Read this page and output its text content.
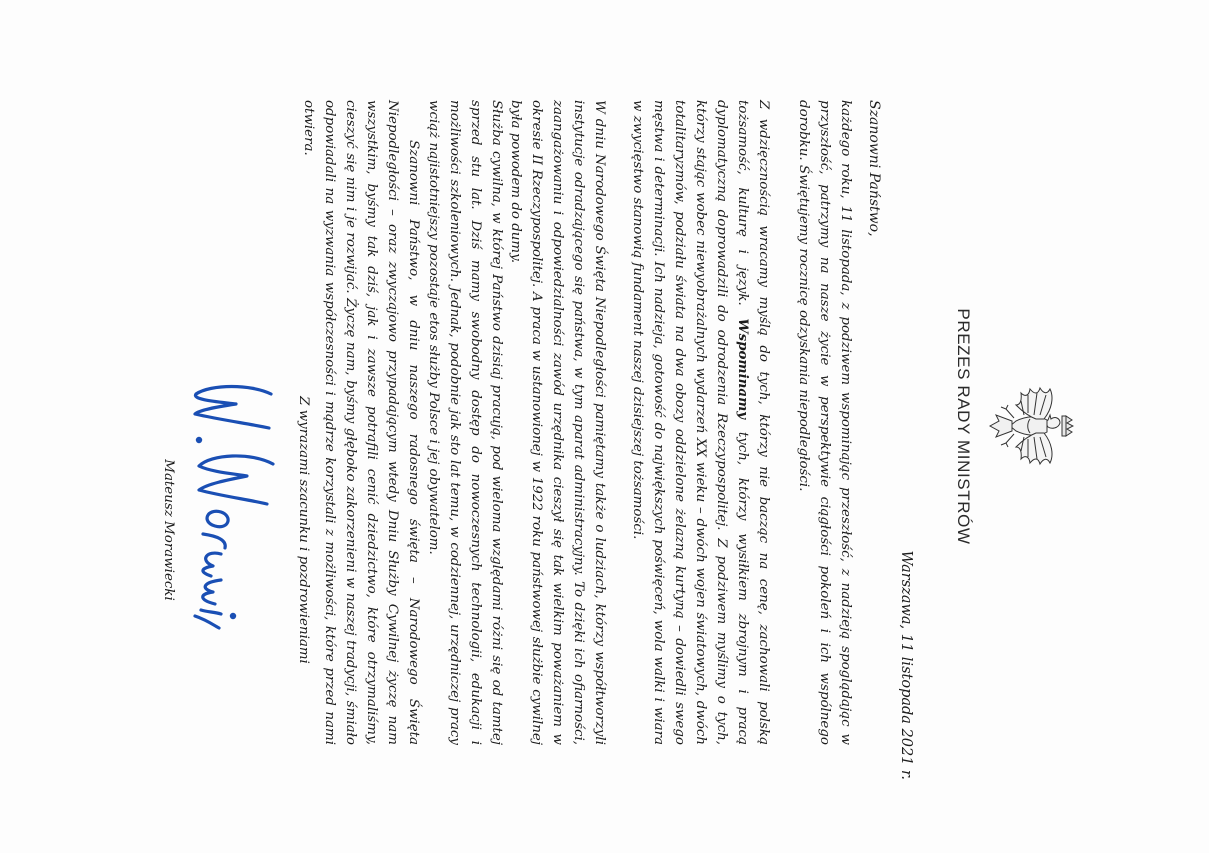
PREZES RADY MINISTRÓW
Warszawa, 11 listopada 2021 r.
Szanowni Państwo,

każdego roku, 11 listopada, z podziwem wspominając przeszłość, z nadzieją spoglądając w przyszłość, patrzymy na nasze życie w perspektywie ciągłości pokoleń i ich wspólnego dorobku. Świętujemy rocznicę odzyskania niepodległości.

Z wdzięcznością wracamy myślą do tych, którzy nie bacząc na cenę, zachowali polską tożsamość, kulturę i język. Wspominamy tych, którzy wysiłkiem zbrojnym i pracą dyplomatyczną doprowadzili do odrodzenia Rzeczypospolitej. Z podziwem myślimy o tych, którzy stając wobec niewyobrażalnych wydarzeń XX wieku – dwóch wojen światowych, dwóch totalitaryzmów, podziału świata na dwa obozy oddzielone żelazną kurtyną – dowiedli swego męstwa i determinacji. Ich nadzieja, gotowość do największych poświęceń, wola walki i wiara w zwycięstwo stanowią fundament naszej dzisiejszej tożsamości.

W dniu Narodowego Święta Niepodległości pamiętamy także o ludziach, którzy współtworzyli instytucje odradzającego się państwa, w tym aparat administracyjny. To dzięki ich ofiarności, zaangażowaniu i odpowiedzialności zawód urzędnika cieszył się tak wielkim poważaniem w okresie II Rzeczypospolitej. A praca w ustanowionej w 1922 roku państwowej służbie cywilnej była powodem do dumy.

Służba cywilna, w której Państwo dzisiaj pracują, pod wieloma względami różni się od tamtej sprzed stu lat. Dziś mamy swobodny dostęp do nowoczesnych technologii, edukacji i możliwości szkoleniowych. Jednak, podobnie jak sto lat temu, w codziennej, urzędniczej pracy wciąż najistotniejszy pozostaje etos służby Polsce i jej obywatelom.

Szanowni Państwo, w dniu naszego radosnego święta – Narodowego Święta Niepodległości – oraz zwyczajowo przypadającym wtedy Dniu Służby Cywilnej życzę nam wszystkim, byśmy tak dziś, jak i zawsze potrafili cenić dziedzictwo, które otrzymaliśmy, cieszyć się nim i je rozwijać. Życzę nam, byśmy głęboko zakorzenieni w naszej tradycji, śmiało odpowiadali na wyzwania współczesności i mądrze korzystali z możliwości, które przed nami otwiera.

Z wyrazami szacunku i pozdrowieniami
Mateusz Morawiecki
